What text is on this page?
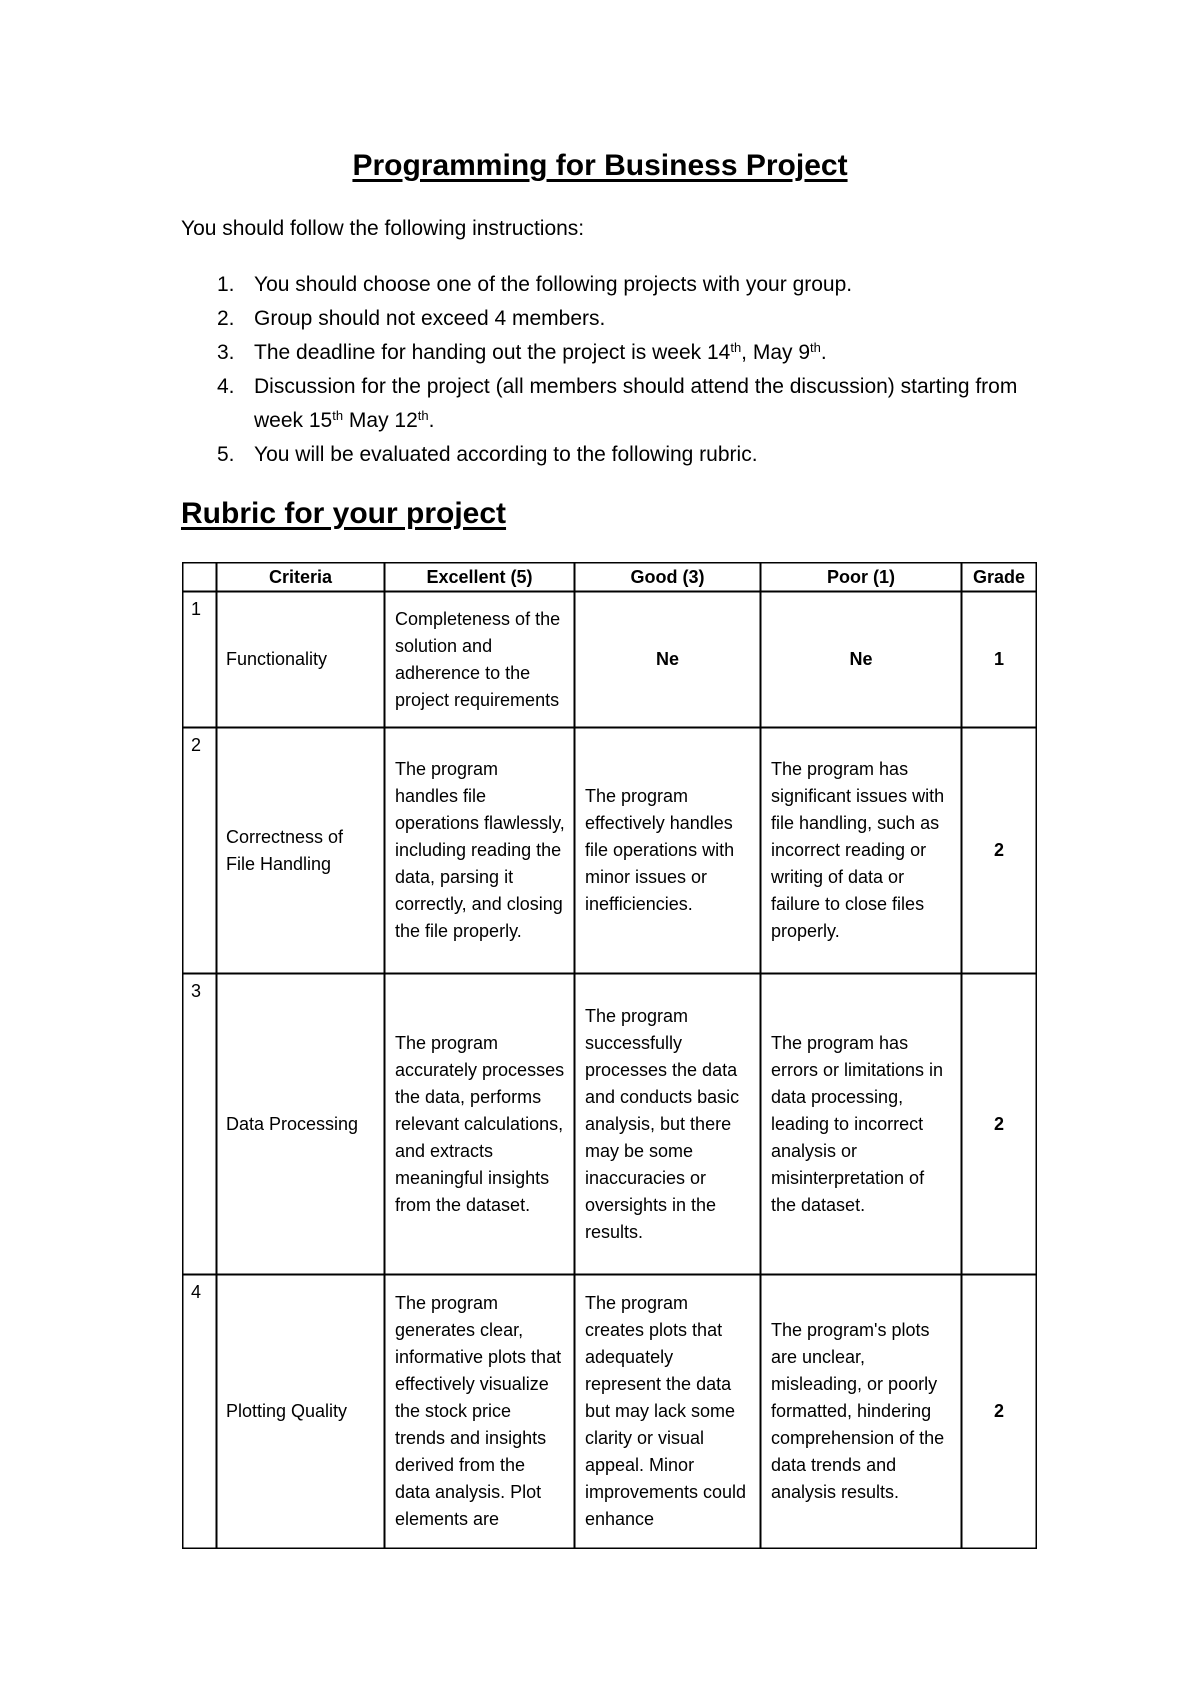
Programming for Business Project
You should follow the following instructions:
1. You should choose one of the following projects with your group.
2. Group should not exceed 4 members.
3. The deadline for handing out the project is week 14th, May 9th.
4. Discussion for the project (all members should attend the discussion) starting from week 15th May 12th.
5. You will be evaluated according to the following rubric.
Rubric for your project
	Criteria	Excellent (5)	Good (3)	Poor (1)	Grade
1	Functionality	Completeness of the solution and adherence to the project requirements	Ne	Ne	1
2	Correctness of File Handling	The program handles file operations flawlessly, including reading the data, parsing it correctly, and closing the file properly.	The program effectively handles file operations with minor issues or inefficiencies.	The program has significant issues with file handling, such as incorrect reading or writing of data or failure to close files properly.	2
3	Data Processing	The program accurately processes the data, performs relevant calculations, and extracts meaningful insights from the dataset.	The program successfully processes the data and conducts basic analysis, but there may be some inaccuracies or oversights in the results.	The program has errors or limitations in data processing, leading to incorrect analysis or misinterpretation of the dataset.	2
4	Plotting Quality	The program generates clear, informative plots that effectively visualize the stock price trends and insights derived from the data analysis. Plot elements are	The program creates plots that adequately represent the data but may lack some clarity or visual appeal. Minor improvements could enhance	The program's plots are unclear, misleading, or poorly formatted, hindering comprehension of the data trends and analysis results.	2
